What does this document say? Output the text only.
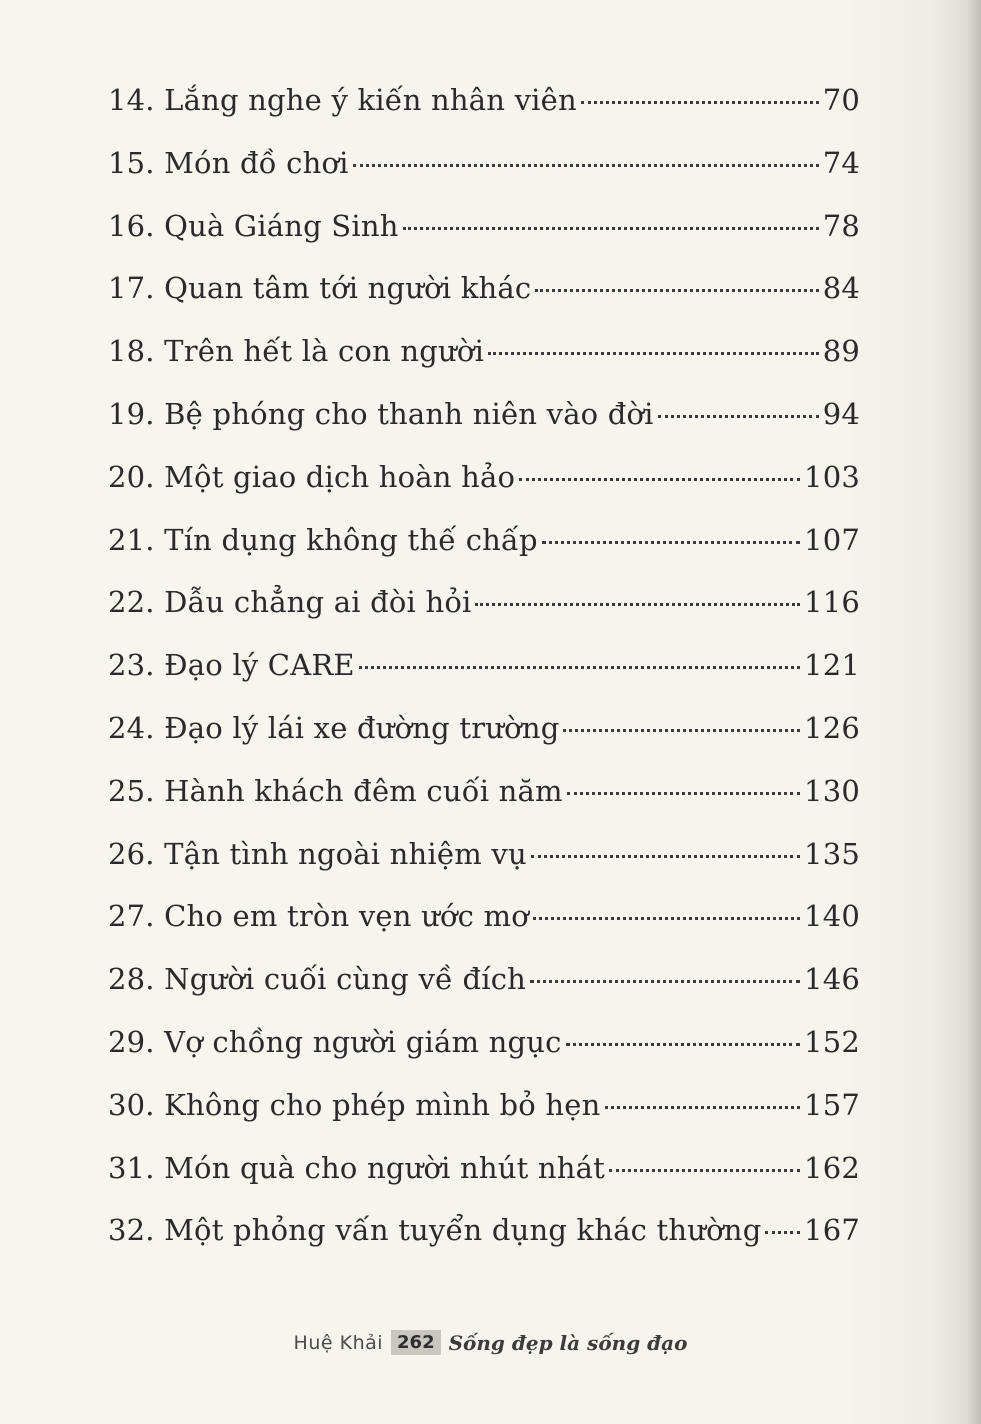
14. Lắng nghe ý kiến nhân viên	70
15. Món đồ chơi	74
16. Quà Giáng Sinh	78
17. Quan tâm tới người khác	84
18. Trên hết là con người	89
19. Bệ phóng cho thanh niên vào đời	94
20. Một giao dịch hoàn hảo	103
21. Tín dụng không thế chấp	107
22. Dẫu chẳng ai đòi hỏi	116
23. Đạo lý CARE	121
24. Đạo lý lái xe đường trường	126
25. Hành khách đêm cuối năm	130
26. Tận tình ngoài nhiệm vụ	135
27. Cho em tròn vẹn ước mơ	140
28. Người cuối cùng về đích	146
29. Vợ chồng người giám ngục	152
30. Không cho phép mình bỏ hẹn	157
31. Món quà cho người nhút nhát	162
32. Một phỏng vấn tuyển dụng khác thường 167
Huệ Khải 262 Sống đẹp là sống đạo
